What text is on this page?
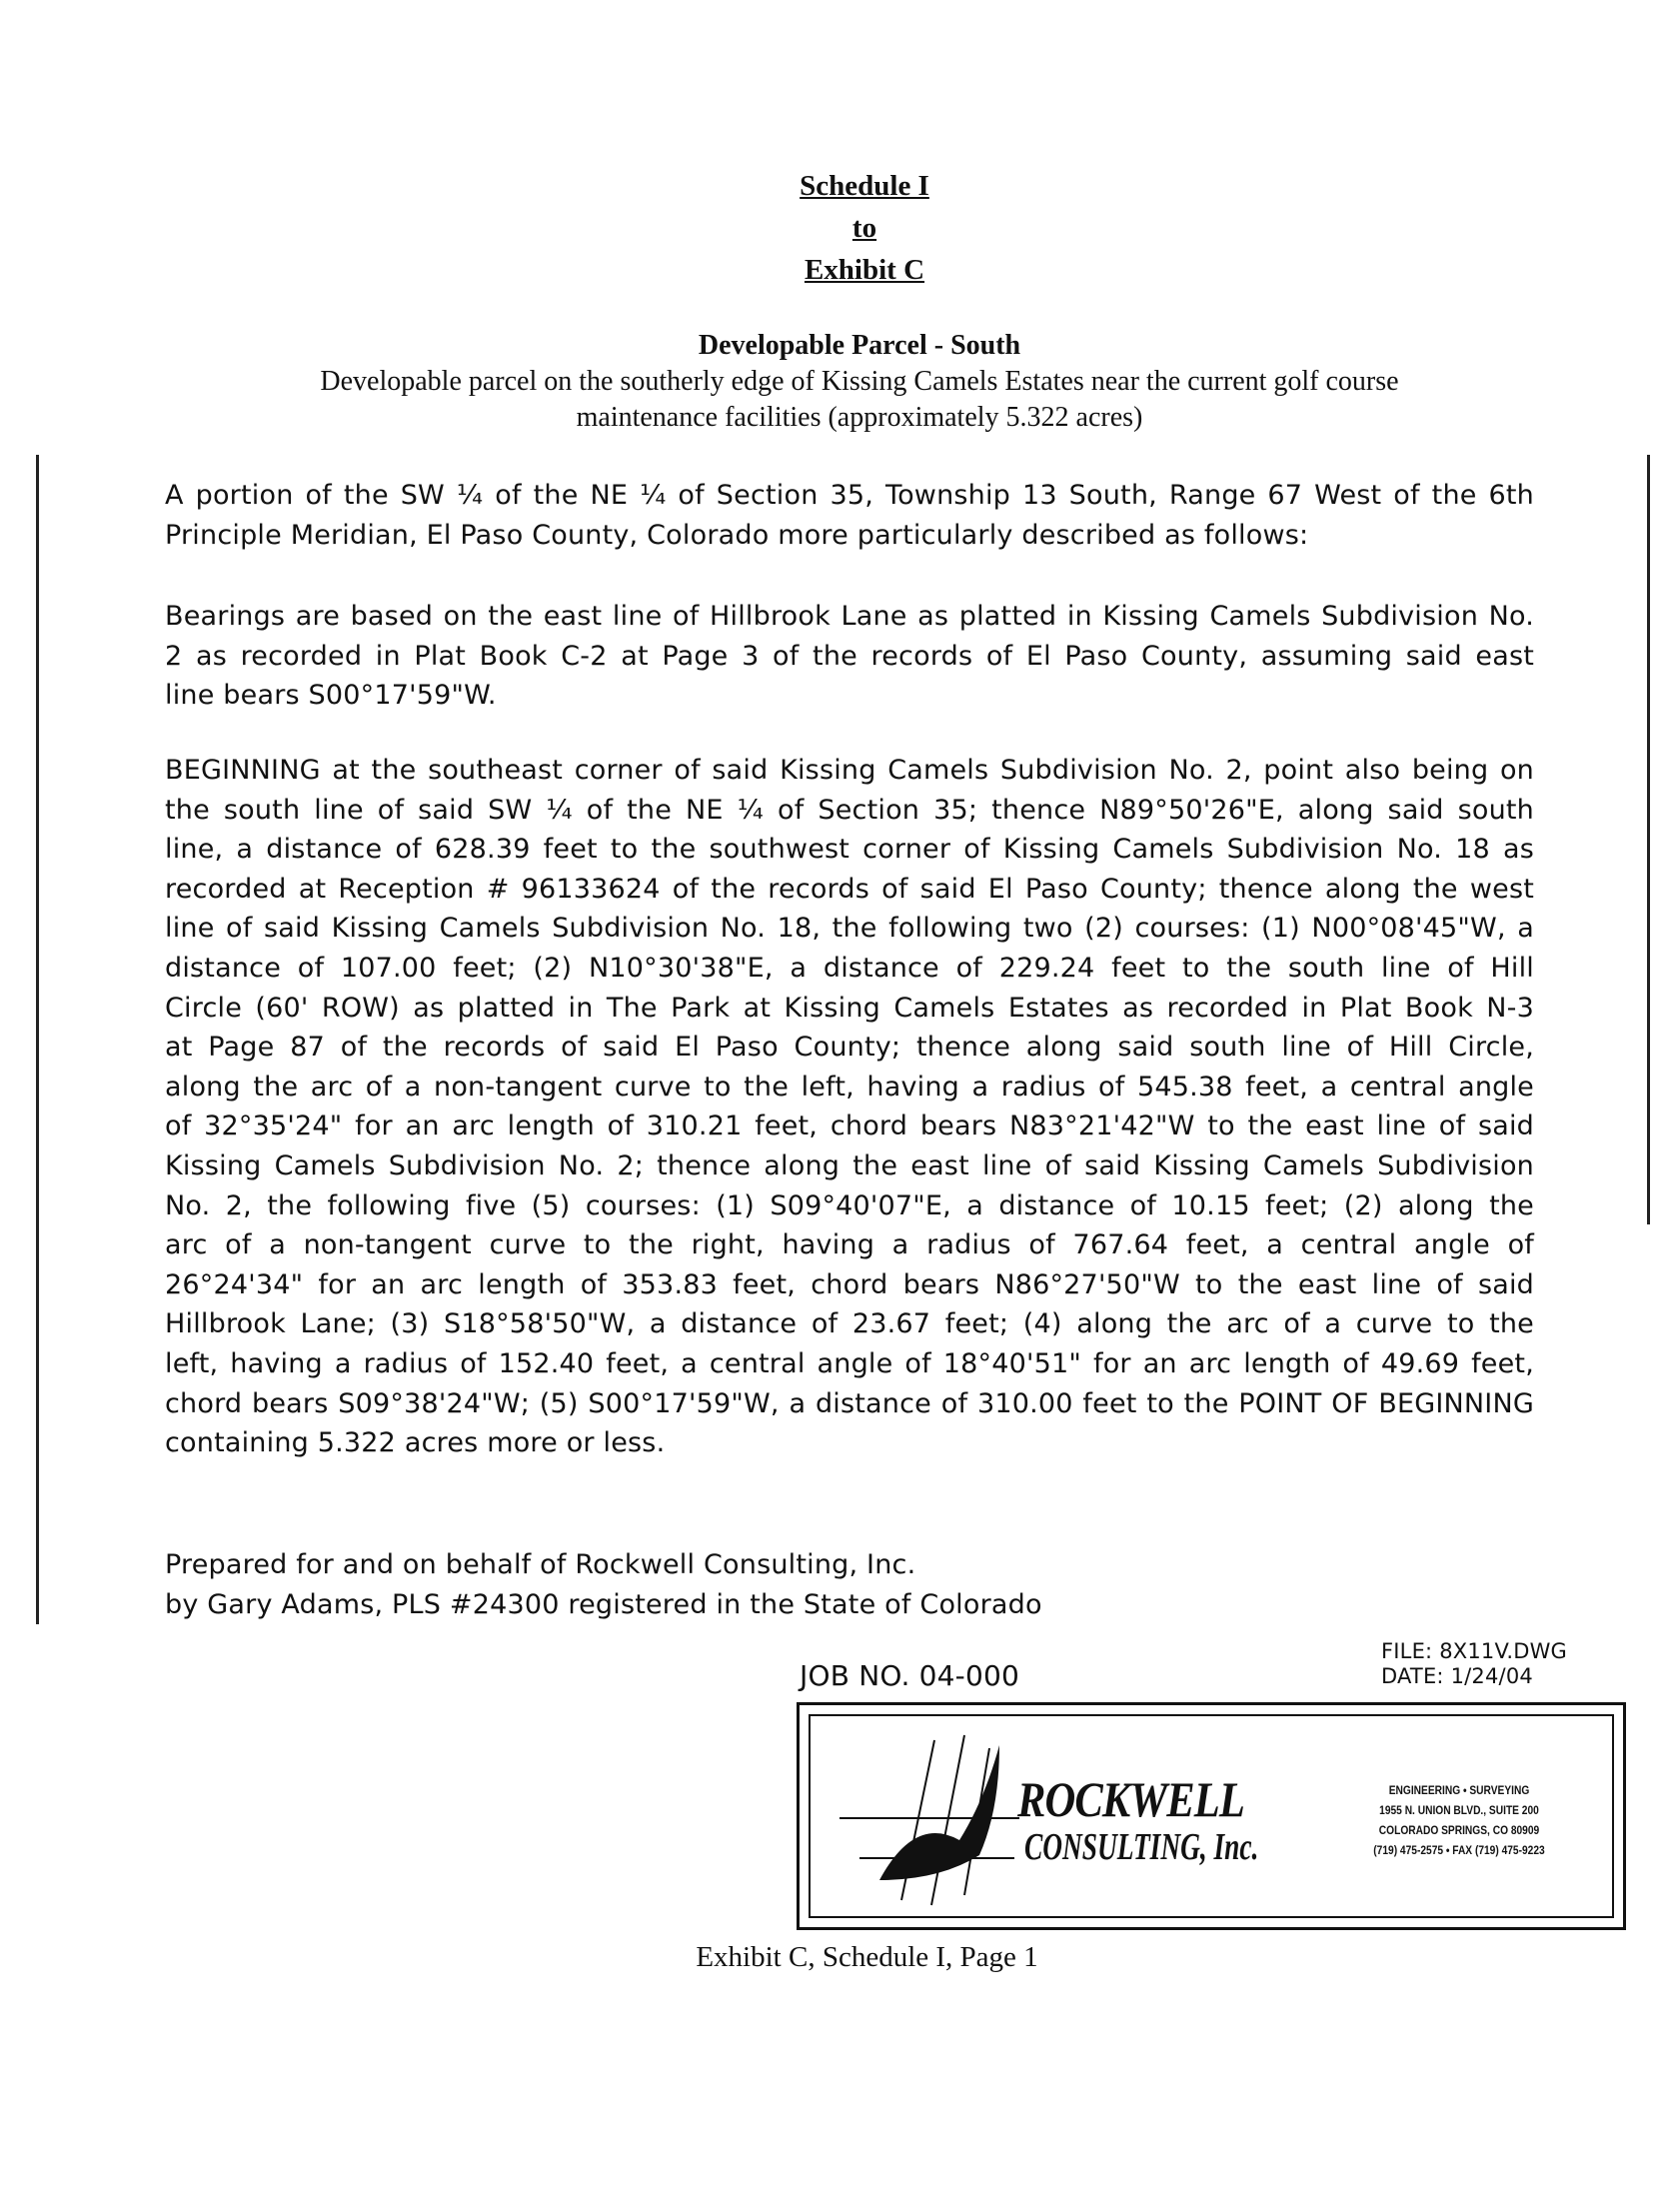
Schedule I
to
Exhibit C
Developable Parcel - South
Developable parcel on the southerly edge of Kissing Camels Estates near the current golf course
maintenance facilities (approximately 5.322 acres)

A portion of the SW ¼ of the NE ¼ of Section 35, Township 13 South, Range 67 West of the 6th

Principle Meridian, El Paso County, Colorado more particularly described as follows:

Bearings are based on the east line of Hillbrook Lane as platted in Kissing Camels Subdivision No.

2 as recorded in Plat Book C-2 at Page 3 of the records of El Paso County, assuming said east

line bears S00°17'59"W.

BEGINNING at the southeast corner of said Kissing Camels Subdivision No. 2, point also being on

the south line of said SW ¼ of the NE ¼ of Section 35; thence N89°50'26"E, along said south

line, a distance of 628.39 feet to the southwest corner of Kissing Camels Subdivision No. 18 as

recorded at Reception # 96133624 of the records of said El Paso County; thence along the west

line of said Kissing Camels Subdivision No. 18, the following two (2) courses: (1) N00°08'45"W, a

distance of 107.00 feet; (2) N10°30'38"E, a distance of 229.24 feet to the south line of Hill

Circle (60' ROW) as platted in The Park at Kissing Camels Estates as recorded in Plat Book N-3

at Page 87 of the records of said El Paso County; thence along said south line of Hill Circle,

along the arc of a non-tangent curve to the left, having a radius of 545.38 feet, a central angle

of 32°35'24" for an arc length of 310.21 feet, chord bears N83°21'42"W to the east line of said

Kissing Camels Subdivision No. 2; thence along the east line of said Kissing Camels Subdivision

No. 2, the following five (5) courses: (1) S09°40'07"E, a distance of 10.15 feet; (2) along the

arc of a non-tangent curve to the right, having a radius of 767.64 feet, a central angle of

26°24'34" for an arc length of 353.83 feet, chord bears N86°27'50"W to the east line of said

Hillbrook Lane; (3) S18°58'50"W, a distance of 23.67 feet; (4) along the arc of a curve to the

left, having a radius of 152.40 feet, a central angle of 18°40'51" for an arc length of 49.69 feet,

chord bears S09°38'24"W; (5) S00°17'59"W, a distance of 310.00 feet to the POINT OF BEGINNING

containing 5.322 acres more or less.

Prepared for and on behalf of Rockwell Consulting, Inc.

by Gary Adams, PLS #24300 registered in the State of Colorado

JOB NO. 04-000
FILE: 8X11V.DWG
DATE: 1/24/04
ROCKWELL
CONSULTING, Inc.
ENGINEERING • SURVEYING
1955 N. UNION BLVD., SUITE 200
COLORADO SPRINGS, CO 80909
(719) 475-2575 • FAX (719) 475-9223
Exhibit C, Schedule I, Page 1
